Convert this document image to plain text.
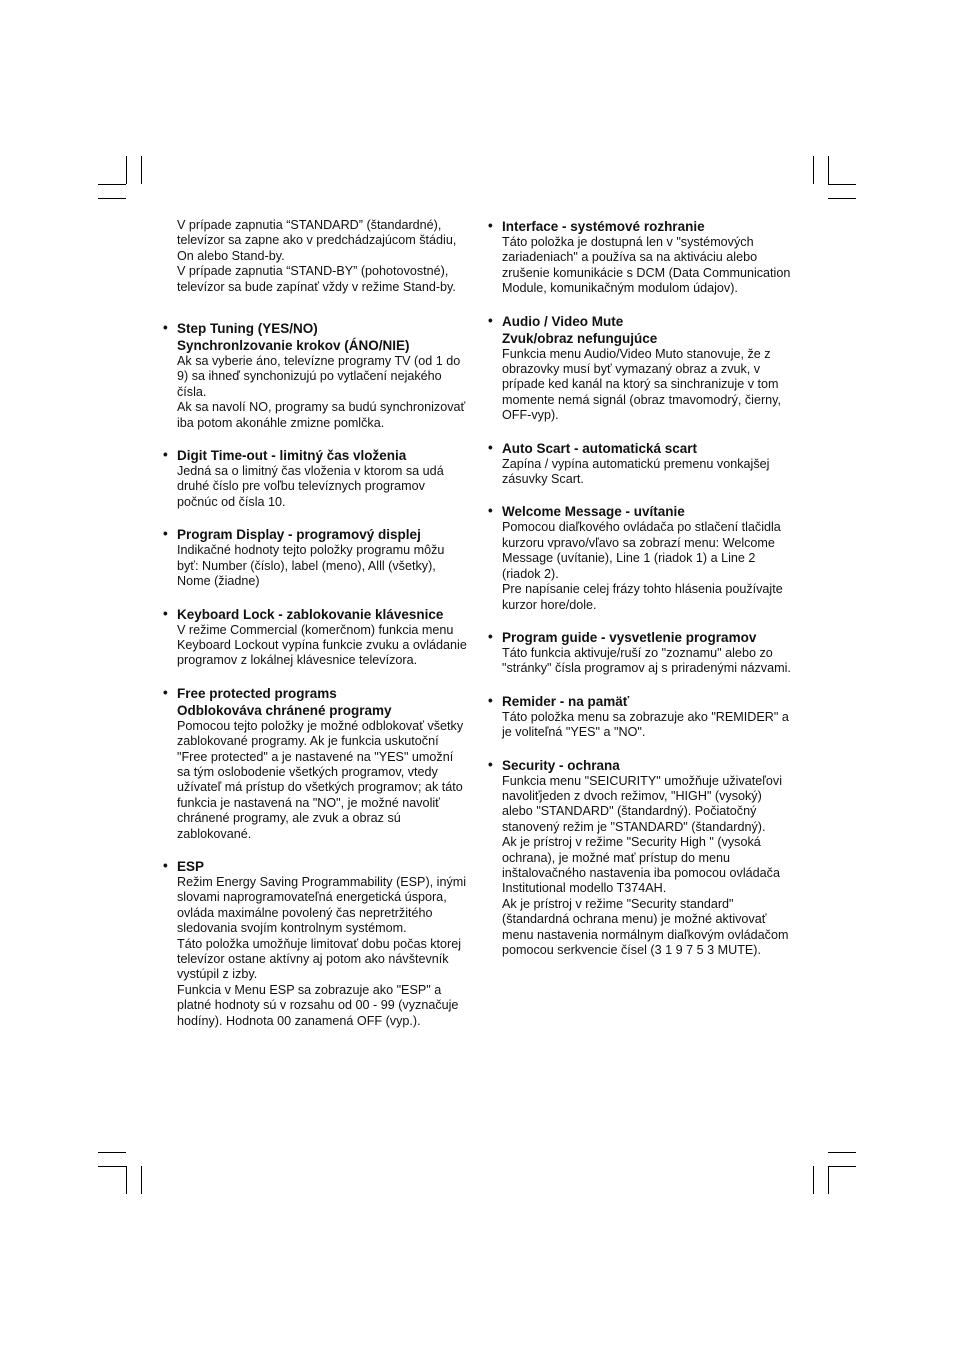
V prípade zapnutia “STANDARD” (štandardné), televízor sa zapne ako v predchádzajúcom štádiu, On alebo Stand-by.
V prípade zapnutia “STAND-BY” (pohotovostné), televízor sa bude zapínať vždy v režime Stand-by.
• Step Tuning (YES/NO)
Synchronlzovanie krokov (ÁNO/NIE)
Ak sa vyberie áno, televízne programy TV (od 1 do 9) sa ihneď synchonizujú po vytlačení nejakého čísla.
Ak sa navolí NO, programy sa budú synchronizovať iba potom akonáhle zmizne pomlčka.
• Digit Time-out - limitný čas vloženia
Jedná sa o limitný čas vloženia v ktorom sa udá druhé číslo pre voľbu televíznych programov počnúc od čísla 10.
• Program Display - programový displej
Indikačné hodnoty tejto položky programu môžu byť: Number (číslo), label (meno), Alll (všetky), Nome (žiadne)
• Keyboard Lock - zablokovanie klávesnice
V režime Commercial (komerčnom) funkcia menu Keyboard Lockout vypína funkcie zvuku a ovládanie programov z lokálnej klávesnice televízora.
• Free protected programs
Odblokováva chránené programy
Pomocou tejto položky je možné odblokovať všetky zablokované programy. Ak je funkcia uskutoční "Free protected" a je nastavené na "YES" umožní sa tým oslobodenie všetkých programov, vtedy užívateľ má prístup do všetkých programov; ak táto funkcia je nastavená na "NO", je možné navoliť chránené programy, ale zvuk a obraz sú zablokované.
• ESP
Režim Energy Saving Programmability (ESP), inými slovami naprogramovateľná energetická úspora, ovláda maximálne povolený čas nepretržitého sledovania svojím kontrolnym systémom.
Táto položka umožňuje limitovať dobu počas ktorej televízor ostane aktívny aj potom ako návštevník vystúpil z izby.
Funkcia v Menu ESP sa zobrazuje ako "ESP" a platné hodnoty sú v rozsahu od 00 - 99 (vyznačuje hodíny). Hodnota 00 zanamená OFF (vyp.).
• Interface - systémové rozhranie
Táto položka je dostupná len v "systémových zariadeniach" a používa sa na aktiváciu alebo zrušenie komunikácie s DCM (Data Communication Module, komunikačným modulom údajov).
• Audio / Video Mute
Zvuk/obraz nefungujúce
Funkcia menu Audio/Video Muto stanovuje, že z obrazovky musí byť vymazaný obraz a zvuk, v prípade ked kanál na ktorý sa sinchranizuje v tom momente nemá signál (obraz tmavomodrý, čierny, OFF-vyp).
• Auto Scart - automatická scart
Zapína / vypína automatickú premenu vonkajšej zásuvky Scart.
• Welcome Message - uvítanie
Pomocou diaľkového ovládača po stlačení tlačidla kurzoru vpravo/vľavo sa zobrazí menu: Welcome Message (uvítanie), Line 1 (riadok 1) a Line 2 (riadok 2).
Pre napísanie celej frázy tohto hlásenia používajte kurzor hore/dole.
• Program guide - vysvetlenie programov
Táto funkcia aktivuje/ruší zo "zoznamu" alebo zo "stránky" čísla programov aj s priradenými názvami.
• Remider - na pamäť
Táto položka menu sa zobrazuje ako "REMIDER" a je voliteľná "YES" a "NO".
• Security - ochrana
Funkcia menu "SEICURITY" umožňuje uživateľovi navoliťjeden z dvoch režimov, "HIGH" (vysoký) alebo "STANDARD" (štandardný). Počiatočný stanovený režim je "STANDARD" (štandardný).
Ak je prístroj v režime "Security High " (vysoká ochrana), je možné mať prístup do menu inštalovačného nastavenia iba pomocou ovládača Institutional modello T374AH.
Ak je prístroj v režime "Security standard" (štandardná ochrana menu) je možné aktivovať menu nastavenia normálnym diaľkovým ovládačom pomocou serkvencie čísel (3 1 9 7 5 3 MUTE).
